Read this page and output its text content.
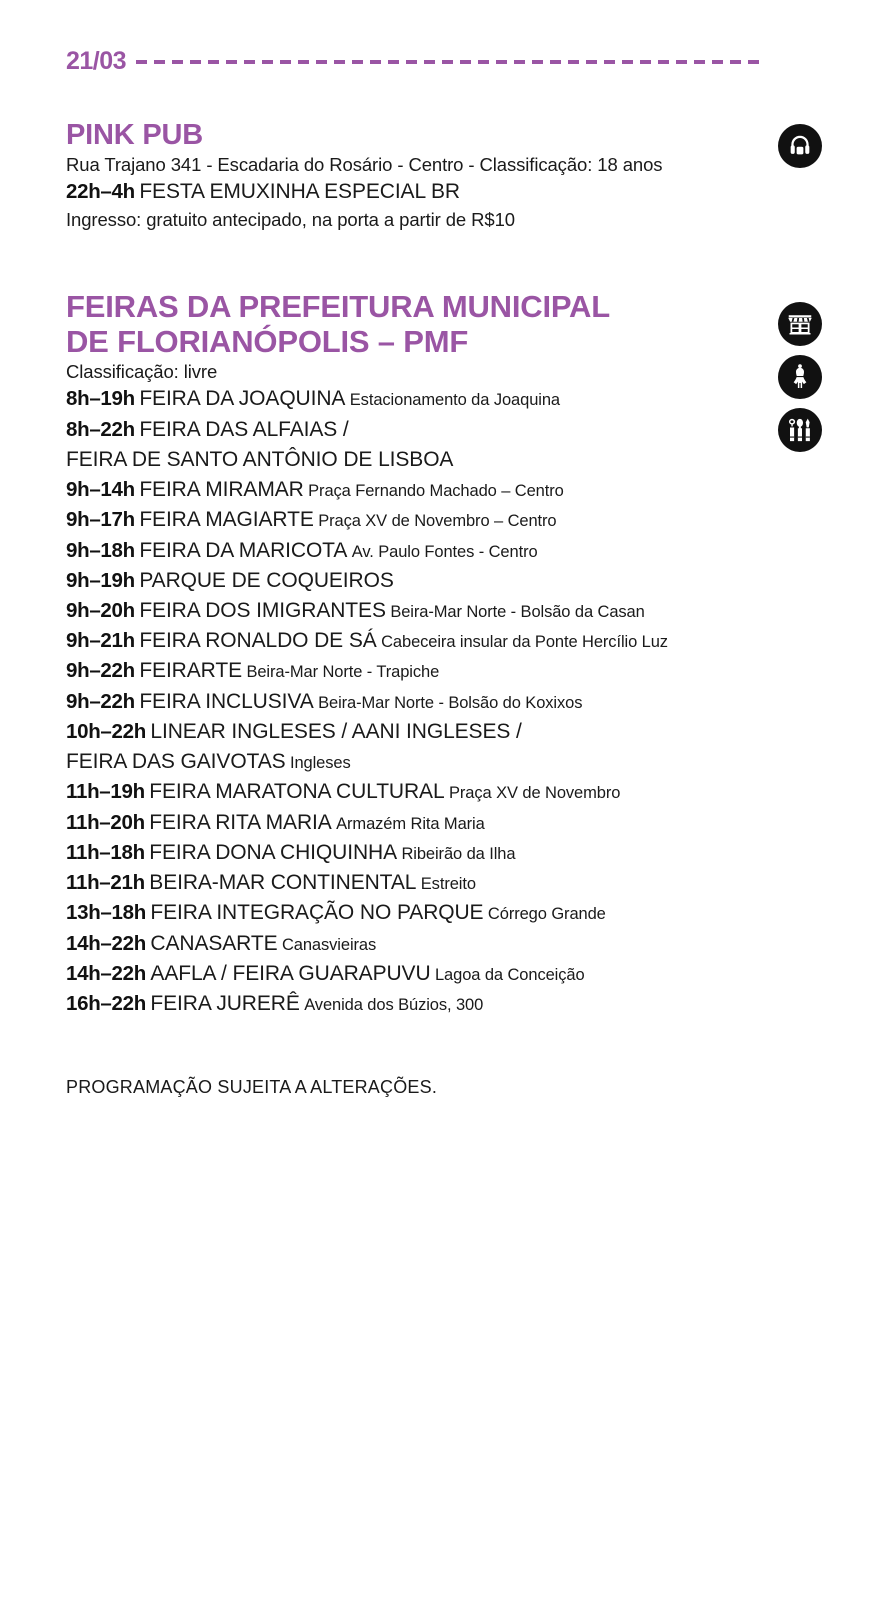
21/03
PINK PUB

Rua Trajano 341 - Escadaria do Rosário - Centro - Classificação: 18 anos

22h–4h FESTA EMUXINHA ESPECIAL BR

Ingresso: gratuito antecipado, na porta a partir de R$10

FEIRAS DA PREFEITURA MUNICIPAL
DE FLORIANÓPOLIS – PMF

Classificação: livre

8h–19h FEIRA DA JOAQUINA Estacionamento da Joaquina
8h–22h FEIRA DAS ALFAIAS /
FEIRA DE SANTO ANTÔNIO DE LISBOA
9h–14h FEIRA MIRAMAR Praça Fernando Machado – Centro
9h–17h FEIRA MAGIARTE Praça XV de Novembro – Centro
9h–18h FEIRA DA MARICOTA Av. Paulo Fontes - Centro
9h–19h PARQUE DE COQUEIROS
9h–20h FEIRA DOS IMIGRANTES Beira-Mar Norte - Bolsão da Casan
9h–21h FEIRA RONALDO DE SÁ Cabeceira insular da Ponte Hercílio Luz
9h–22h FEIRARTE Beira-Mar Norte - Trapiche
9h–22h FEIRA INCLUSIVA Beira-Mar Norte - Bolsão do Koxixos
10h–22h LINEAR INGLESES / AANI INGLESES /
FEIRA DAS GAIVOTAS Ingleses
11h–19h FEIRA MARATONA CULTURAL Praça XV de Novembro
11h–20h FEIRA RITA MARIA Armazém Rita Maria
11h–18h FEIRA DONA CHIQUINHA Ribeirão da Ilha
11h–21h BEIRA-MAR CONTINENTAL Estreito
13h–18h FEIRA INTEGRAÇÃO NO PARQUE Córrego Grande
14h–22h CANASARTE Canasvieiras
14h–22h AAFLA / FEIRA GUARAPUVU Lagoa da Conceição
16h–22h FEIRA JURERÊ Avenida dos Búzios, 300

PROGRAMAÇÃO SUJEITA A ALTERAÇÕES.
